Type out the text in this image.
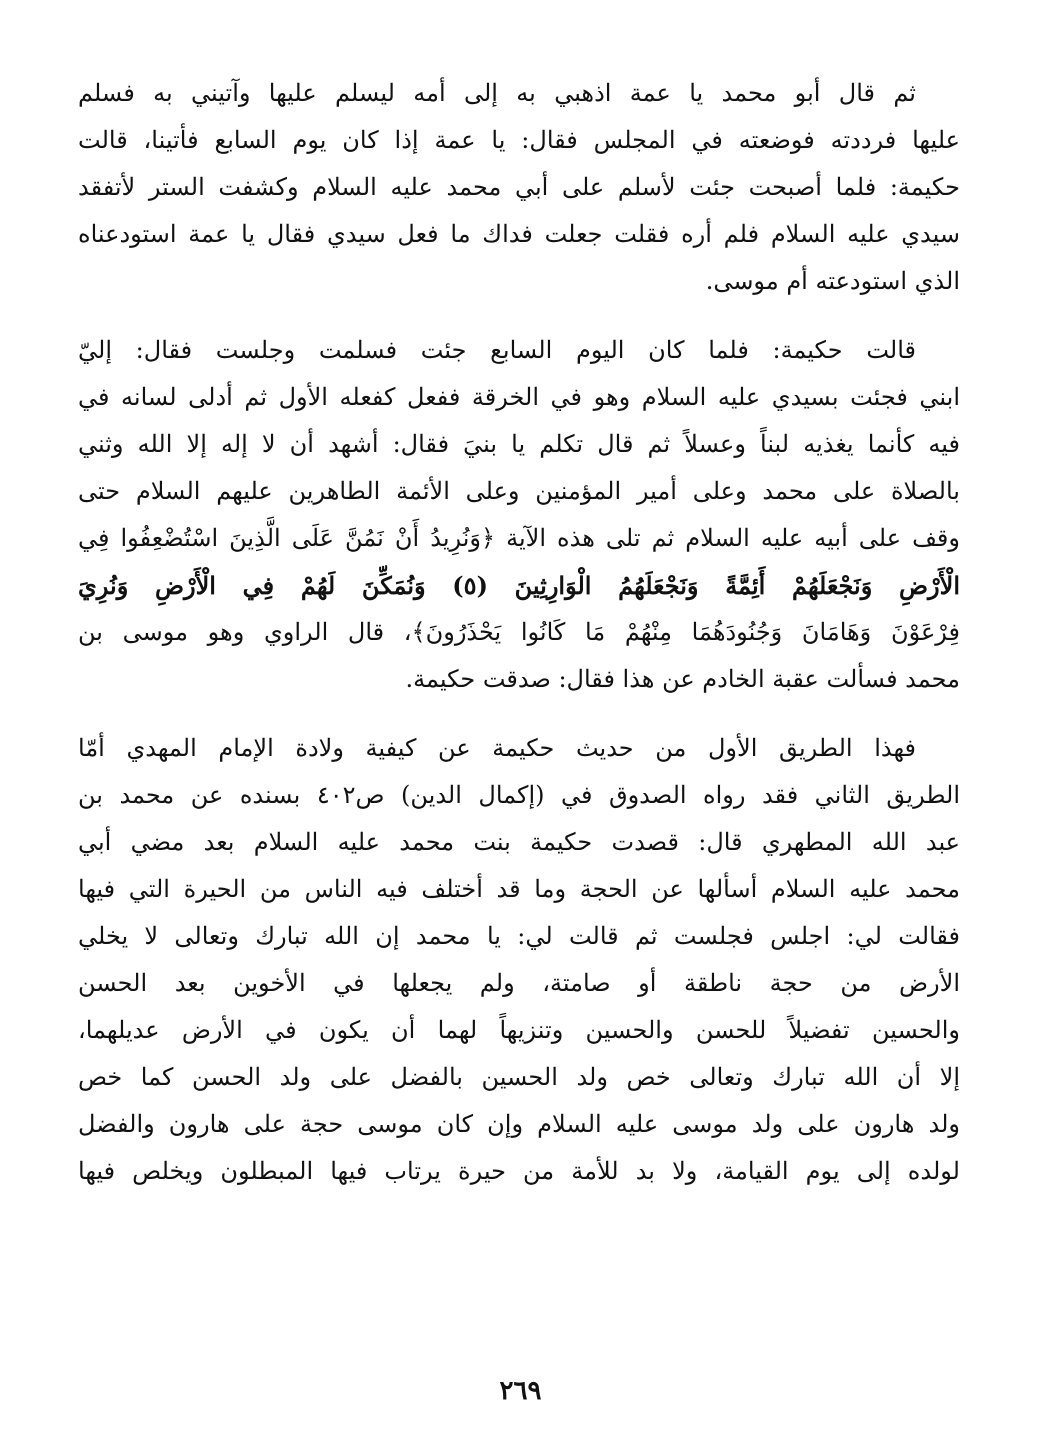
ثم قال أبو محمد يا عمة اذهبي به إلى أمه ليسلم عليها وآتيني به فسلم
عليها فرددته فوضعته في المجلس فقال: يا عمة إذا كان يوم السابع فأتينا، قالت
حكيمة: فلما أصبحت جئت لأسلم على أبي محمد عليه السلام وكشفت الستر لأتفقد
سيدي عليه السلام فلم أره فقلت جعلت فداك ما فعل سيدي فقال يا عمة استودعناه
الذي استودعته أم موسى.

قالت حكيمة: فلما كان اليوم السابع جئت فسلمت وجلست فقال: إليّ
ابني فجئت بسيدي عليه السلام وهو في الخرقة ففعل كفعله الأول ثم أدلى لسانه في
فيه كأنما يغذيه لبناً وعسلاً ثم قال تكلم يا بنيَ فقال: أشهد أن لا إله إلا الله وثني
بالصلاة على محمد وعلى أمير المؤمنين وعلى الأئمة الطاهرين عليهم السلام حتى
وقف على أبيه عليه السلام ثم تلى هذه الآية ﴿وَنُرِيدُ أَنْ نَمُنَّ عَلَى الَّذِينَ اسْتُضْعِفُوا فِي
الْأَرْضِ وَنَجْعَلَهُمْ أَئِمَّةً وَنَجْعَلَهُمُ الْوَارِثِينَ (٥) وَنُمَكِّنَ لَهُمْ فِي الْأَرْضِ وَنُرِيَ
فِرْعَوْنَ وَهَامَانَ وَجُنُودَهُمَا مِنْهُمْ مَا كَانُوا يَحْذَرُونَ﴾، قال الراوي وهو موسى بن
محمد فسألت عقبة الخادم عن هذا فقال: صدقت حكيمة.

فهذا الطريق الأول من حديث حكيمة عن كيفية ولادة الإمام المهدي أمّا
الطريق الثاني فقد رواه الصدوق في (إكمال الدين) ص٤٠٢ بسنده عن محمد بن
عبد الله المطهري قال: قصدت حكيمة بنت محمد عليه السلام بعد مضي أبي
محمد عليه السلام أسألها عن الحجة وما قد أختلف فيه الناس من الحيرة التي فيها
فقالت لي: اجلس فجلست ثم قالت لي: يا محمد إن الله تبارك وتعالى لا يخلي
الأرض من حجة ناطقة أو صامتة، ولم يجعلها في الأخوين بعد الحسن
والحسين تفضيلاً للحسن والحسين وتنزيهاً لهما أن يكون في الأرض عديلهما،
إلا أن الله تبارك وتعالى خص ولد الحسين بالفضل على ولد الحسن كما خص
ولد هارون على ولد موسى عليه السلام وإن كان موسى حجة على هارون والفضل
لولده إلى يوم القيامة، ولا بد للأمة من حيرة يرتاب فيها المبطلون ويخلص فيها

٢٦٩
